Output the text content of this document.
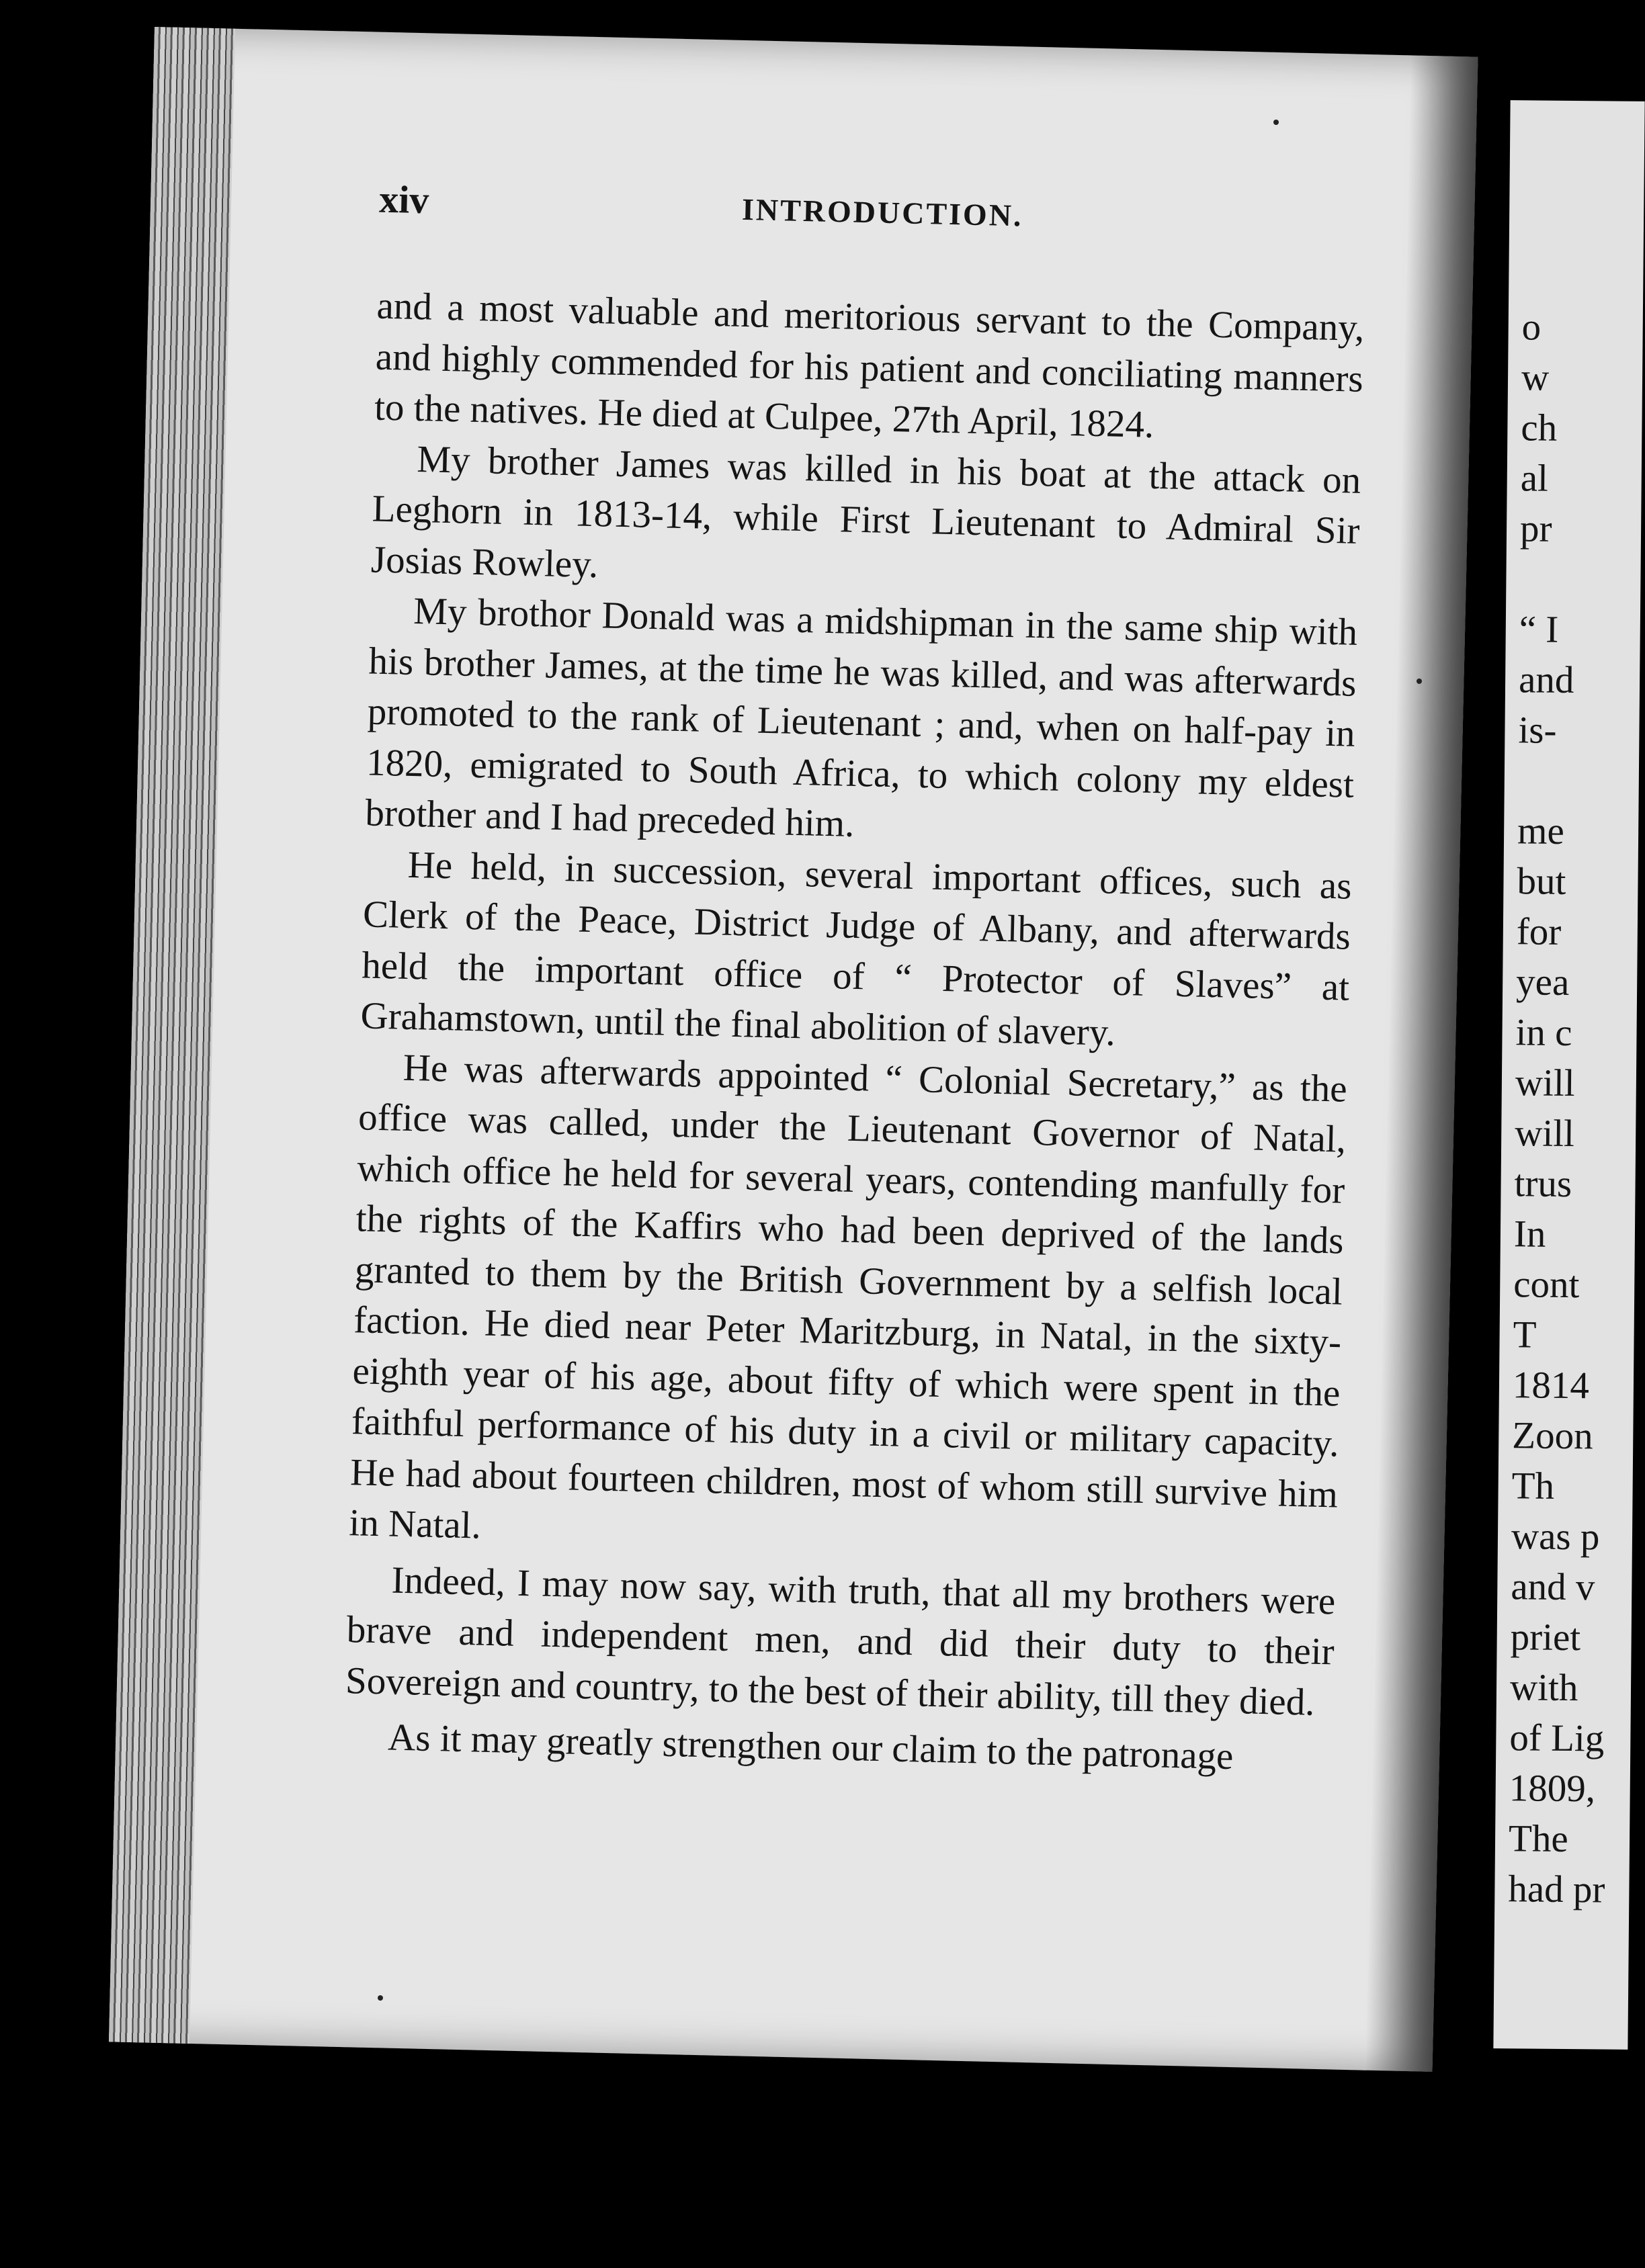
xiv	INTRODUCTION.

and a most valuable and meritorious servant to the Company, and highly commended for his patient and conciliating manners to the natives. He died at Culpee, 27th April, 1824.

My brother James was killed in his boat at the attack on Leghorn in 1813-14, while First Lieutenant to Admiral Sir Josias Rowley.

My brothor Donald was a midshipman in the same ship with his brother James, at the time he was killed, and was afterwards promoted to the rank of Lieutenant ; and, when on half-pay in 1820, emigrated to South Africa, to which colony my eldest brother and I had preceded him.

He held, in succession, several important offices, such as Clerk of the Peace, District Judge of Albany, and afterwards held the important office of “ Protector of Slaves” at Grahamstown, until the final abolition of slavery.

He was afterwards appointed “ Colonial Secretary,” as the office was called, under the Lieutenant Governor of Natal, which office he held for several years, contending manfully for the rights of the Kaffirs who had been deprived of the lands granted to them by the British Government by a selfish local faction. He died near Peter Maritzburg, in Natal, in the sixty-eighth year of his age, about fifty of which were spent in the faithful performance of his duty in a civil or military capacity. He had about fourteen children, most of whom still survive him in Natal.

Indeed, I may now say, with truth, that all my brothers were brave and independent men, and did their duty to their Sovereign and country, to the best of their ability, till they died.

As it may greatly strengthen our claim to the patronage

o
w
ch
al
pr
“ I
and
is-
me
but
for
yea
in c
will
will
trus
In
cont
T
1814
Zoon
Th
was p
and v
priet
with
of Lig
1809,
The
had pr
